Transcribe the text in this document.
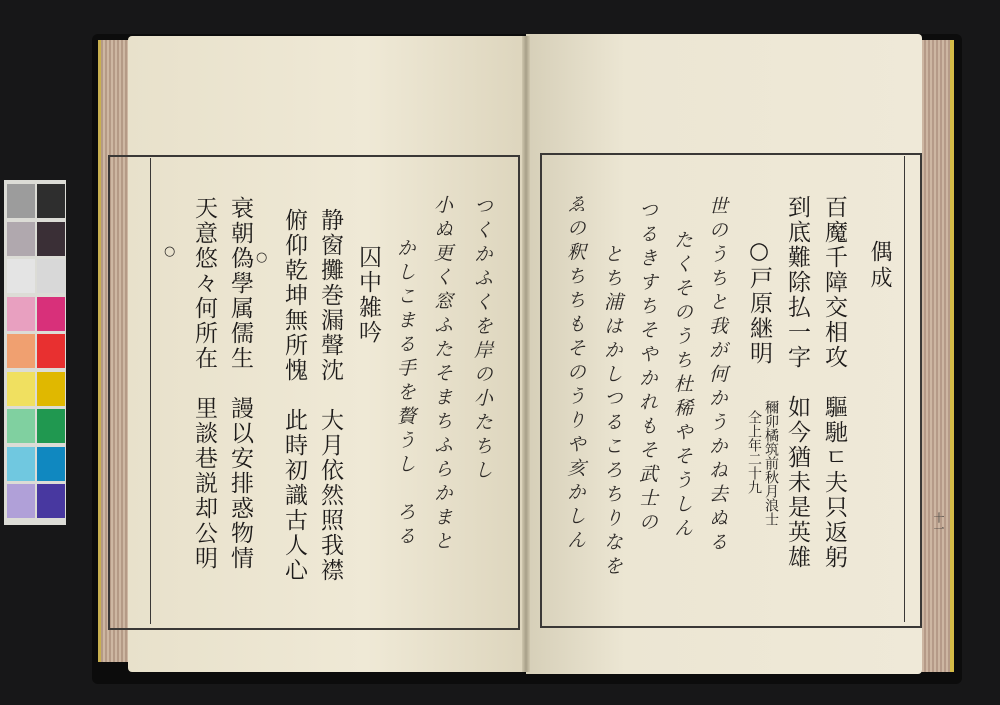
偶成
百魔千障交相攻　驅馳ㄷ夫只返躬
到底難除払一字　如今猶未是英雄
○戸原継明
穪卯橘筑前秋月浪士
仝上年二十九
世のうちと我が何かうかね去ぬる
たくそのうち杜稀やそうしん
つるきすちそやかれもそ武士の
とち浦はかしつるころちりなを
ゑの釈ちちもそのうりや亥かしん	十一
つくかふくを岸の小たちし
小ぬ更く窓ふたそまちふらかまと
かしこまる手を贅うし　ろる
囚中雑吟
静窗攤巻漏聲沈　大月依然照我襟
俯仰乾坤無所愧　此時初識古人心
○
衰朝偽學属儒生　謾以安排惑物情
天意悠々何所在　里談巷説却公明
○
